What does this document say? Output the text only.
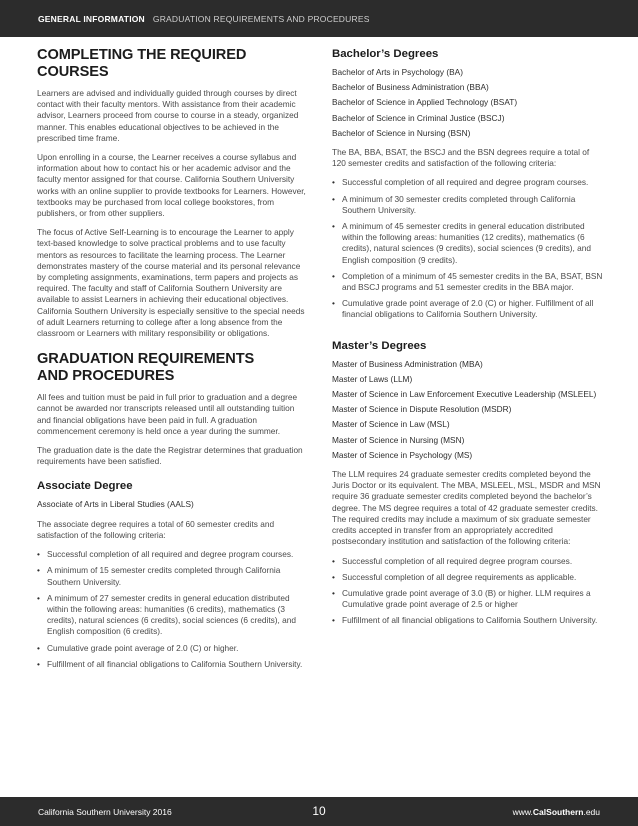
GENERAL INFORMATION GRADUATION REQUIREMENTS AND PROCEDURES
COMPLETING THE REQUIRED COURSES

Learners are advised and individually guided through courses by direct contact with their faculty mentors. With assistance from their academic advisor, Learners proceed from course to course in a steady, organized manner. This enables educational objectives to be achieved in the prescribed time frame.

Upon enrolling in a course, the Learner receives a course syllabus and information about how to contact his or her academic advisor and the faculty mentor assigned for that course. California Southern University works with an online supplier to provide textbooks for Learners. However, textbooks may be purchased from local college bookstores, from publishers, or from other suppliers.

The focus of Active Self-Learning is to encourage the Learner to apply text-based knowledge to solve practical problems and to use faculty mentors as resources to facilitate the learning process. The Learner demonstrates mastery of the course material and its personal relevance by completing assignments, examinations, term papers and projects as required. The faculty and staff of California Southern University are available to assist Learners in achieving their educational objectives. California Southern University is especially sensitive to the special needs of adult Learners returning to college after a long absence from the classroom or Learners with military responsibility or obligations.

GRADUATION REQUIREMENTS
AND PROCEDURES

All fees and tuition must be paid in full prior to graduation and a degree cannot be awarded nor transcripts released until all outstanding tuition and financial obligations have been paid in full. A graduation commencement ceremony is held once a year during the summer.

The graduation date is the date the Registrar determines that graduation requirements have been satisfied.

Associate Degree
Associate of Arts in Liberal Studies (AALS)

The associate degree requires a total of 60 semester credits and satisfaction of the following criteria:

• Successful completion of all required and degree program courses.
• A minimum of 15 semester credits completed through California Southern University.
• A minimum of 27 semester credits in general education distributed within the following areas: humanities (6 credits), mathematics (3 credits), natural sciences (6 credits), social sciences (6 credits), and English composition (6 credits).
• Cumulative grade point average of 2.0 (C) or higher.
• Fulfillment of all financial obligations to California Southern University.
Bachelor’s Degrees
Bachelor of Arts in Psychology (BA)
Bachelor of Business Administration (BBA)
Bachelor of Science in Applied Technology (BSAT)
Bachelor of Science in Criminal Justice (BSCJ)
Bachelor of Science in Nursing (BSN)

The BA, BBA, BSAT, the BSCJ and the BSN degrees require a total of 120 semester credits and satisfaction of the following criteria:

• Successful completion of all required and degree program courses.
• A minimum of 30 semester credits completed through California Southern University.
• A minimum of 45 semester credits in general education distributed within the following areas: humanities (12 credits), mathematics (6 credits), natural sciences (9 credits), social sciences (9 credits), and English composition (9 credits).
• Completion of a minimum of 45 semester credits in the BA, BSAT, BSN and BSCJ programs and 51 semester credits in the BBA major.
• Cumulative grade point average of 2.0 (C) or higher. Fulfillment of all financial obligations to California Southern University.
Master’s Degrees
Master of Business Administration (MBA)
Master of Laws (LLM)
Master of Science in Law Enforcement Executive Leadership (MSLEEL)
Master of Science in Dispute Resolution (MSDR)
Master of Science in Law (MSL)
Master of Science in Nursing (MSN)
Master of Science in Psychology (MS)

The LLM requires 24 graduate semester credits completed beyond the Juris Doctor or its equivalent. The MBA, MSLEEL, MSL, MSDR and MSN require 36 graduate semester credits completed beyond the bachelor’s degree. The MS degree requires a total of 42 graduate semester credits. The required credits may include a maximum of six graduate semester credits accepted in transfer from an appropriately accredited postsecondary institution and satisfaction of the following criteria:

• Successful completion of all required degree program courses.
• Successful completion of all degree requirements as applicable.
• Cumulative grade point average of 3.0 (B) or higher. LLM requires a Cumulative grade point average of 2.5 or higher
• Fulfillment of all financial obligations to California Southern University.
California Southern University 2016	10	www.CalSouthern.edu
